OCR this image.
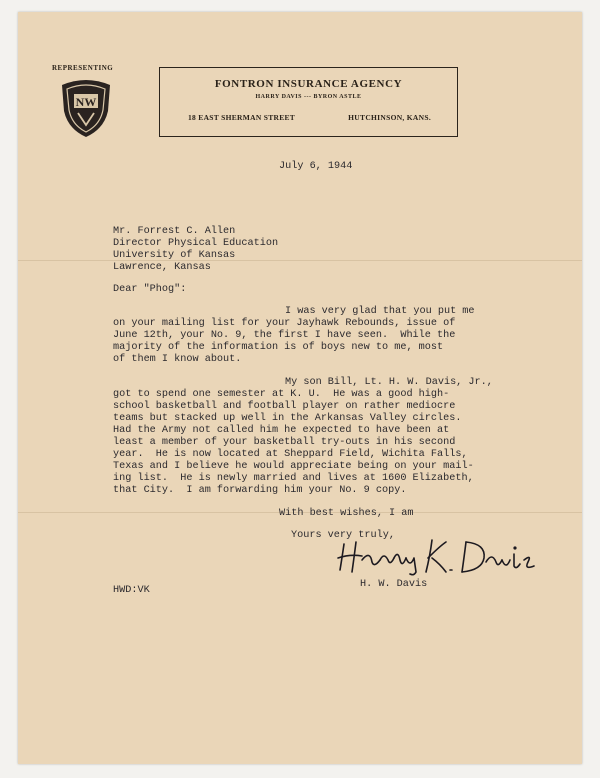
REPRESENTING
NW
FONTRON INSURANCE AGENCY
HARRY DAVIS --- BYRON ASTLE
18 EAST SHERMAN STREET	HUTCHINSON, KANS.
July 6, 1944
Mr. Forrest C. Allen
Director Physical Education
University of Kansas
Lawrence, Kansas
Dear "Phog":
I was very glad that you put me
on your mailing list for your Jayhawk Rebounds, issue of
June 12th, your No. 9, the first I have seen.  While the
majority of the information is of boys new to me, most
of them I know about.
My son Bill, Lt. H. W. Davis, Jr.,
got to spend one semester at K. U.  He was a good high-
school basketball and football player on rather mediocre
teams but stacked up well in the Arkansas Valley circles.
Had the Army not called him he expected to have been at
least a member of your basketball try-outs in his second
year.  He is now located at Sheppard Field, Wichita Falls,
Texas and I believe he would appreciate being on your mail-
ing list.  He is newly married and lives at 1600 Elizabeth,
that City.  I am forwarding him your No. 9 copy.
With best wishes, I am
Yours very truly,
H. W. Davis
HWD:VK
